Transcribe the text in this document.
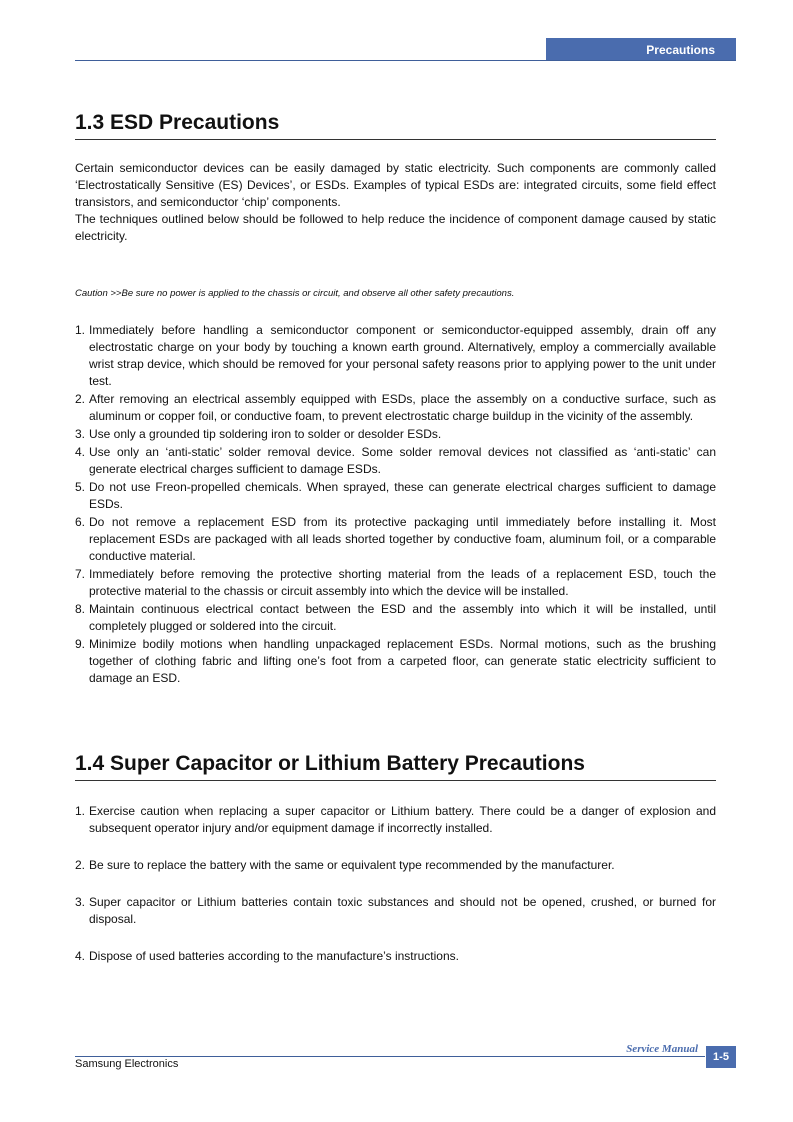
Precautions
1.3 ESD Precautions

Certain semiconductor devices can be easily damaged by static electricity. Such components are commonly called ‘Electrostatically Sensitive (ES) Devices’, or ESDs. Examples of typical ESDs are: integrated circuits, some field effect transistors, and semiconductor ‘chip’ components.

The techniques outlined below should be followed to help reduce the incidence of component damage caused by static electricity.

Caution >>Be sure no power is applied to the chassis or circuit, and observe all other safety precautions.

1. Immediately before handling a semiconductor component or semiconductor-equipped assembly, drain off any electrostatic charge on your body by touching a known earth ground. Alternatively, employ a commercially available wrist strap device, which should be removed for your personal safety reasons prior to applying power to the unit under test.
2. After removing an electrical assembly equipped with ESDs, place the assembly on a conductive surface, such as aluminum or copper foil, or conductive foam, to prevent electrostatic charge buildup in the vicinity of the assembly.
3. Use only a grounded tip soldering iron to solder or desolder ESDs.
4. Use only an ‘anti-static’ solder removal device. Some solder removal devices not classified as ‘anti-static’ can generate electrical charges sufficient to damage ESDs.
5. Do not use Freon-propelled chemicals. When sprayed, these can generate electrical charges sufficient to damage ESDs.
6. Do not remove a replacement ESD from its protective packaging until immediately before installing it. Most replacement ESDs are packaged with all leads shorted together by conductive foam, aluminum foil, or a comparable conductive material.
7. Immediately before removing the protective shorting material from the leads of a replacement ESD, touch the protective material to the chassis or circuit assembly into which the device will be installed.
8. Maintain continuous electrical contact between the ESD and the assembly into which it will be installed, until completely plugged or soldered into the circuit.
9. Minimize bodily motions when handling unpackaged replacement ESDs. Normal motions, such as the brushing together of clothing fabric and lifting one’s foot from a carpeted floor, can generate static electricity sufficient to damage an ESD.
1.4 Super Capacitor or Lithium Battery Precautions
1. Exercise caution when replacing a super capacitor or Lithium battery. There could be a danger of explosion and subsequent operator injury and/or equipment damage if incorrectly installed.
2. Be sure to replace the battery with the same or equivalent type recommended by the manufacturer.
3. Super capacitor or Lithium batteries contain toxic substances and should not be opened, crushed, or burned for disposal.
4. Dispose of used batteries according to the manufacture’s instructions.
Service Manual
Samsung Electronics
1-5
